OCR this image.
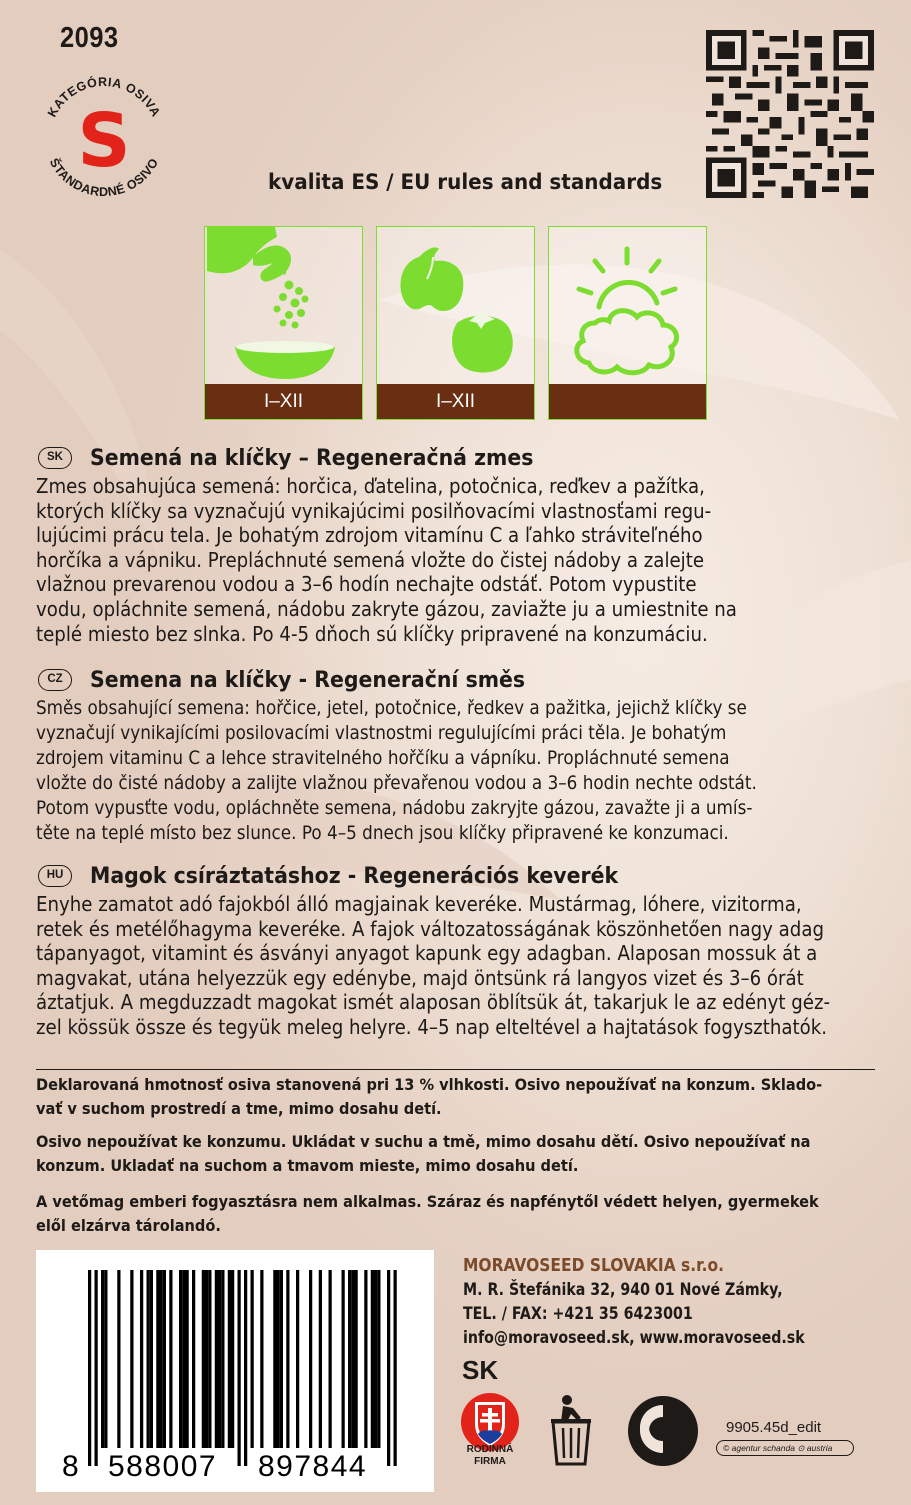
2093
KATEGÓRIA OSIVA
S
ŠTANDARDNÉ OSIVO
kvalita ES / EU rules and standards
I–XII	I–XII
SK	Semená na klíčky – Regeneračná zmes
Zmes obsahujúca semená: horčica, ďatelina, potočnica, reďkev a pažítka,
ktorých klíčky sa vyznačujú vynikajúcimi posilňovacími vlastnosťami regu-
lujúcimi prácu tela. Je bohatým zdrojom vitamínu C a ľahko stráviteľného
horčíka a vápniku. Prepláchnuté semená vložte do čistej nádoby a zalejte
vlažnou prevarenou vodou a 3–6 hodín nechajte odstáť. Potom vypustite
vodu, opláchnite semená, nádobu zakryte gázou, zaviažte ju a umiestnite na
teplé miesto bez slnka. Po 4-5 dňoch sú klíčky pripravené na konzumáciu.
CZ	Semena na klíčky - Regenerační směs
Směs obsahující semena: hořčice, jetel, potočnice, ředkev a pažitka, jejichž klíčky se
vyznačují vynikajícími posilovacími vlastnostmi regulujícími práci těla. Je bohatým
zdrojem vitaminu C a lehce stravitelného hořčíku a vápníku. Propláchnuté semena
vložte do čisté nádoby a zalijte vlažnou převařenou vodou a 3–6 hodin nechte odstát.
Potom vypusťte vodu, opláchněte semena, nádobu zakryjte gázou, zavažte ji a umís-
těte na teplé místo bez slunce. Po 4–5 dnech jsou klíčky připravené ke konzumaci.
HU	Magok csíráztatáshoz - Regenerációs keverék
Enyhe zamatot adó fajokból álló magjainak keveréke. Mustármag, lóhere, vizitorma,
retek és metélőhagyma keveréke. A fajok változatosságának köszönhetően nagy adag
tápanyagot, vitamint és ásványi anyagot kapunk egy adagban. Alaposan mossuk át a
magvakat, utána helyezzük egy edénybe, majd öntsünk rá langyos vizet és 3–6 órát
áztatjuk. A megduzzadt magokat ismét alaposan öblítsük át, takarjuk le az edényt géz-
zel kössük össze és tegyük meleg helyre. 4–5 nap elteltével a hajtatások fogyszthatók.
Deklarovaná hmotnosť osiva stanovená pri 13 % vlhkosti. Osivo nepoužívať na konzum. Sklado-
vať v suchom prostredí a tme, mimo dosahu detí.
Osivo nepoužívat ke konzumu. Ukládat v suchu a tmě, mimo dosahu dětí. Osivo nepoužívať na
konzum. Ukladať na suchom a tmavom mieste, mimo dosahu detí.
A vetőmag emberi fogyasztásra nem alkalmas. Száraz és napfénytől védett helyen, gyermekek
elől elzárva tárolandó.
8 588007 897844
MORAVOSEED SLOVAKIA s.r.o.
M. R. Štefánika 32, 940 01 Nové Zámky,
TEL. / FAX: +421 35 6423001
info@moravoseed.sk, www.moravoseed.sk
SK
RODINNÁ
FIRMA
9905.45d_edit
© agentur schanda ⊙ austria
